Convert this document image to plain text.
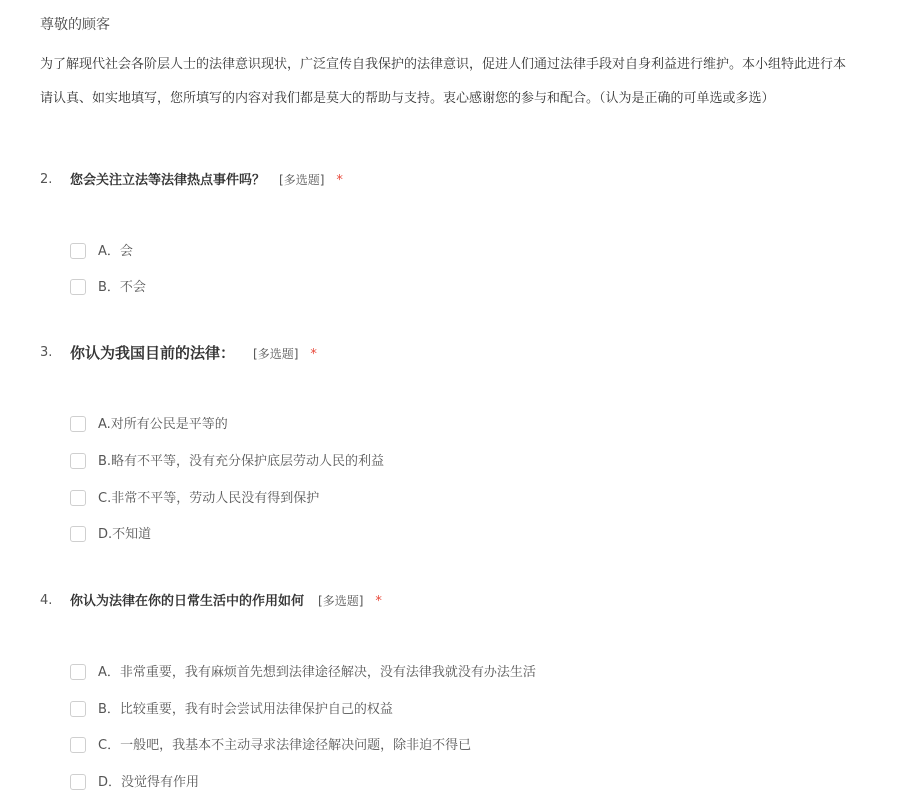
尊敬的顾客
为了解现代社会各阶层人士的法律意识现状，广泛宣传自我保护的法律意识，促进人们通过法律手段对自身利益进行维护。本小组特此进行本
请认真、如实地填写，您所填写的内容对我们都是莫大的帮助与支持。衷心感谢您的参与和配合。（认为是正确的可单选或多选）
2. 您会关注立法等法律热点事件吗？ [多选题] *
A．会
B．不会
3. 你认为我国目前的法律： [多选题] *
A.对所有公民是平等的
B.略有不平等，没有充分保护底层劳动人民的利益
C.非常不平等，劳动人民没有得到保护
D.不知道
4. 你认为法律在你的日常生活中的作用如何 [多选题] *
A．非常重要，我有麻烦首先想到法律途径解决，没有法律我就没有办法生活
B．比较重要，我有时会尝试用法律保护自己的权益
C．一般吧，我基本不主动寻求法律途径解决问题，除非迫不得已
D．没觉得有作用
